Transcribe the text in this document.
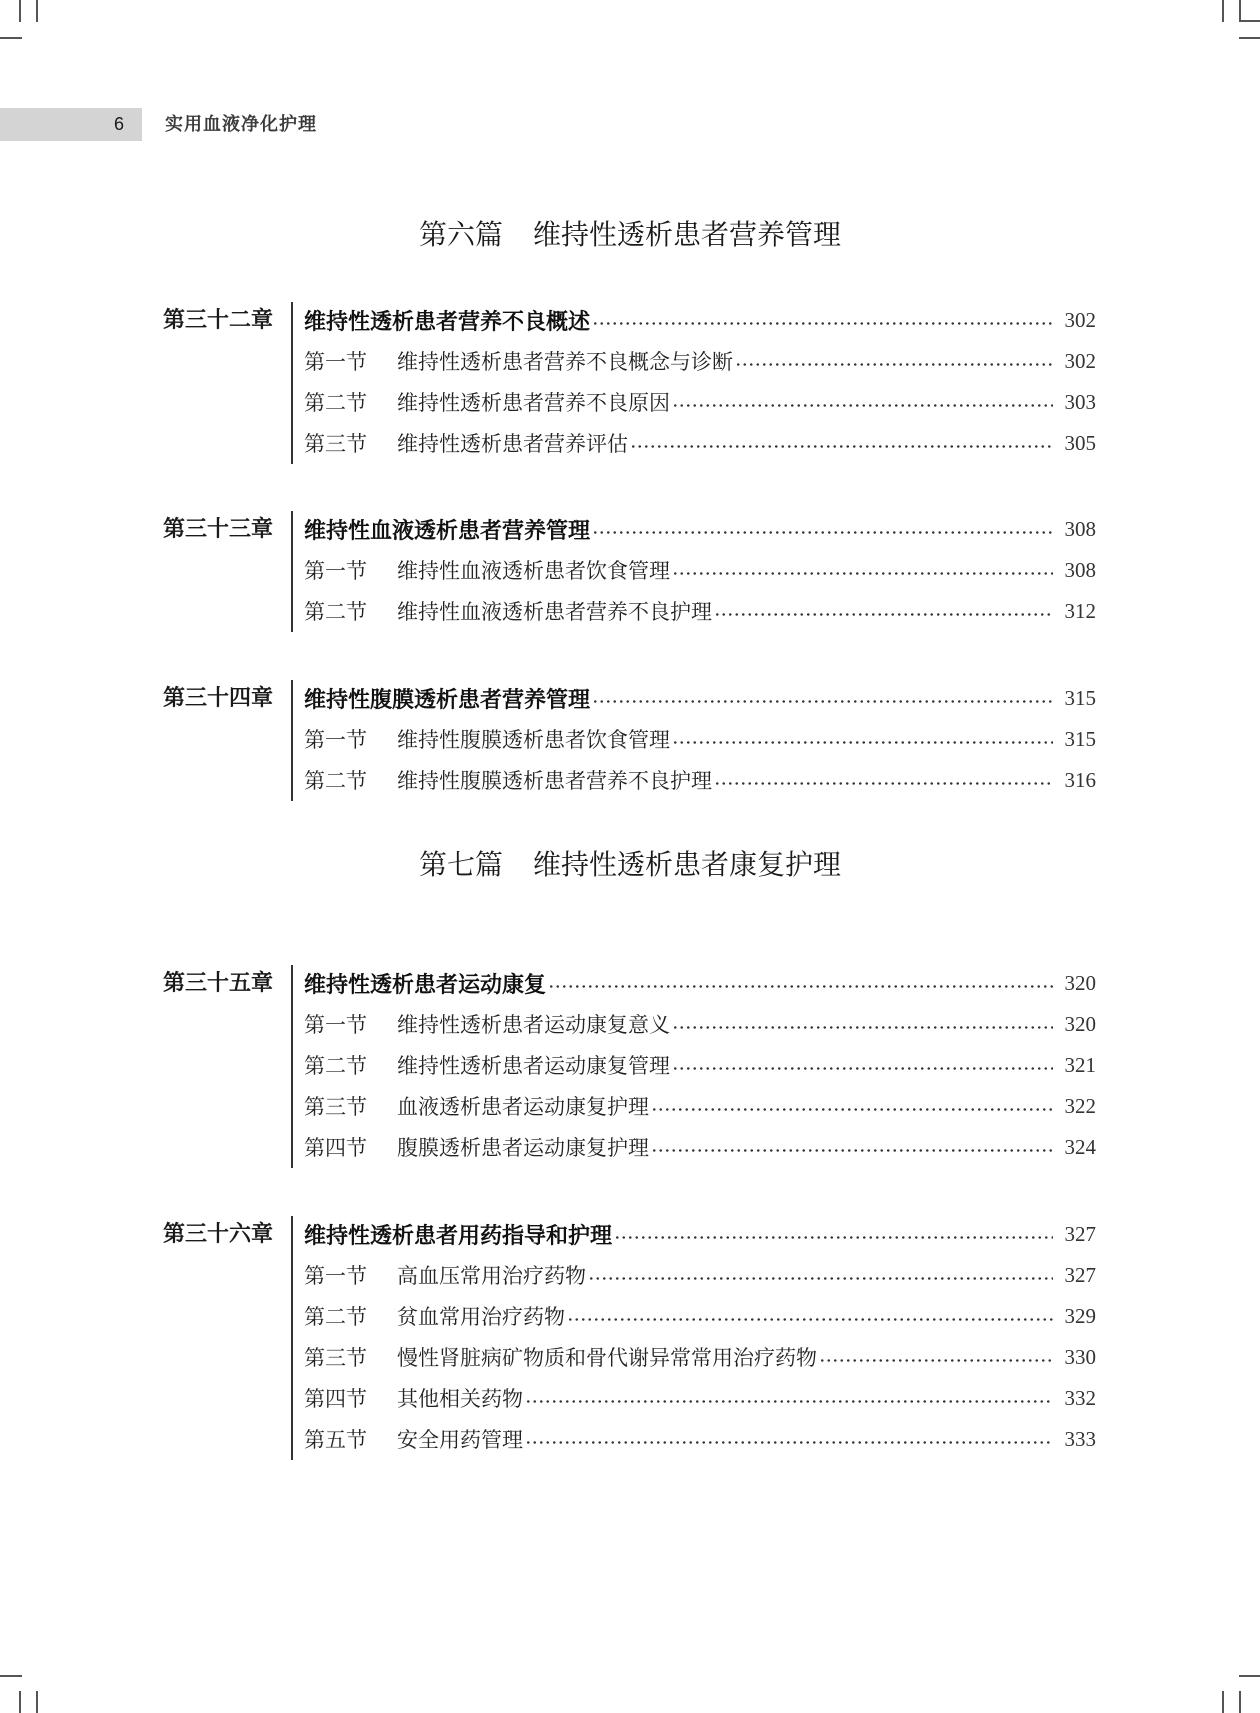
6	实用血液净化护理
第六篇 维持性透析患者营养管理
第三十二章 维持性透析患者营养不良概述	302
第一节	维持性透析患者营养不良概念与诊断	302
第二节	维持性透析患者营养不良原因	303
第三节	维持性透析患者营养评估	305
第三十三章 维持性血液透析患者营养管理	308
第一节	维持性血液透析患者饮食管理	308
第二节	维持性血液透析患者营养不良护理	312
第三十四章 维持性腹膜透析患者营养管理	315
第一节	维持性腹膜透析患者饮食管理	315
第二节	维持性腹膜透析患者营养不良护理	316
第七篇 维持性透析患者康复护理
第三十五章 维持性透析患者运动康复	320
第一节	维持性透析患者运动康复意义	320
第二节	维持性透析患者运动康复管理	321
第三节	血液透析患者运动康复护理	322
第四节	腹膜透析患者运动康复护理	324
第三十六章 维持性透析患者用药指导和护理	327
第一节	高血压常用治疗药物	327
第二节	贫血常用治疗药物	329
第三节	慢性肾脏病矿物质和骨代谢异常常用治疗药物	330
第四节	其他相关药物	332
第五节	安全用药管理	333
